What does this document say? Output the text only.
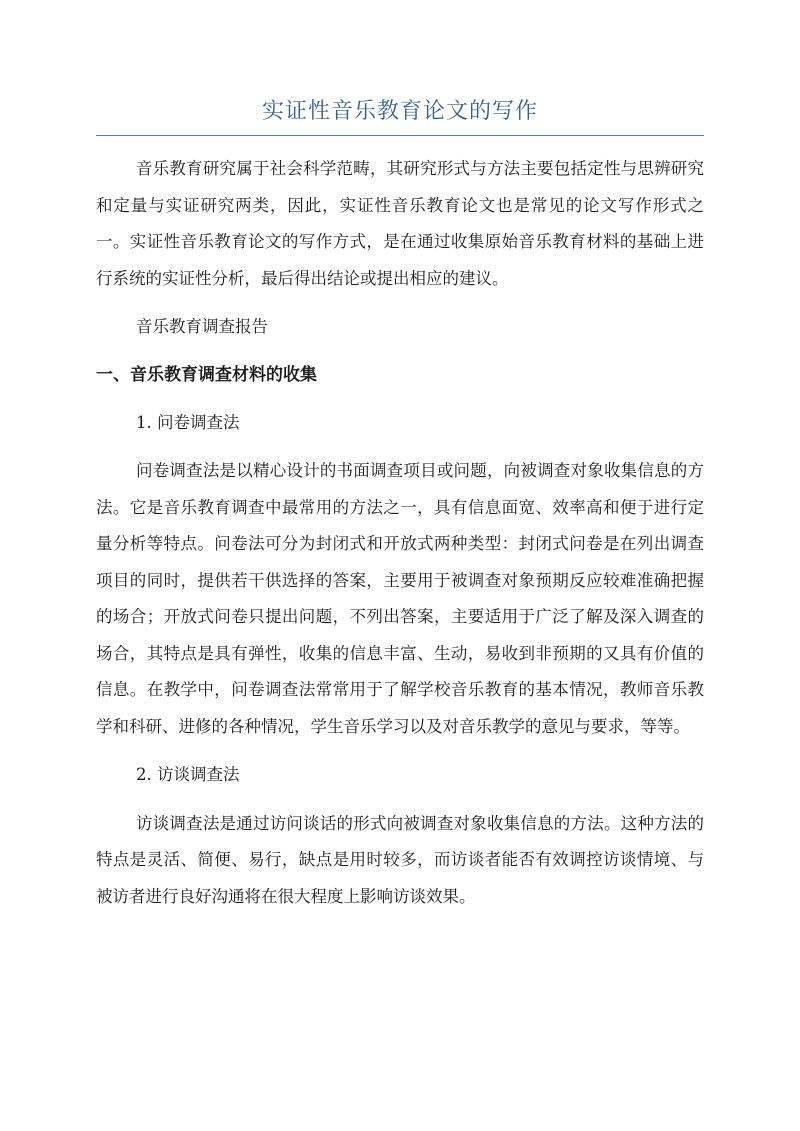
实证性音乐教育论文的写作

音乐教育研究属于社会科学范畴，其研究形式与方法主要包括定性与思辨研究和定量与实证研究两类，因此，实证性音乐教育论文也是常见的论文写作形式之一。实证性音乐教育论文的写作方式，是在通过收集原始音乐教育材料的基础上进行系统的实证性分析，最后得出结论或提出相应的建议。

音乐教育调查报告
一、音乐教育调查材料的收集
1. 问卷调查法

问卷调查法是以精心设计的书面调查项目或问题，向被调查对象收集信息的方法。它是音乐教育调查中最常用的方法之一，具有信息面宽、效率高和便于进行定量分析等特点。问卷法可分为封闭式和开放式两种类型：封闭式问卷是在列出调查项目的同时，提供若干供选择的答案，主要用于被调查对象预期反应较难准确把握的场合；开放式问卷只提出问题，不列出答案，主要适用于广泛了解及深入调查的场合，其特点是具有弹性，收集的信息丰富、生动，易收到非预期的又具有价值的信息。在教学中，问卷调查法常常用于了解学校音乐教育的基本情况，教师音乐教学和科研、进修的各种情况，学生音乐学习以及对音乐教学的意见与要求，等等。

2. 访谈调查法

访谈调查法是通过访问谈话的形式向被调查对象收集信息的方法。这种方法的特点是灵活、简便、易行，缺点是用时较多，而访谈者能否有效调控访谈情境、与被访者进行良好沟通将在很大程度上影响访谈效果。
